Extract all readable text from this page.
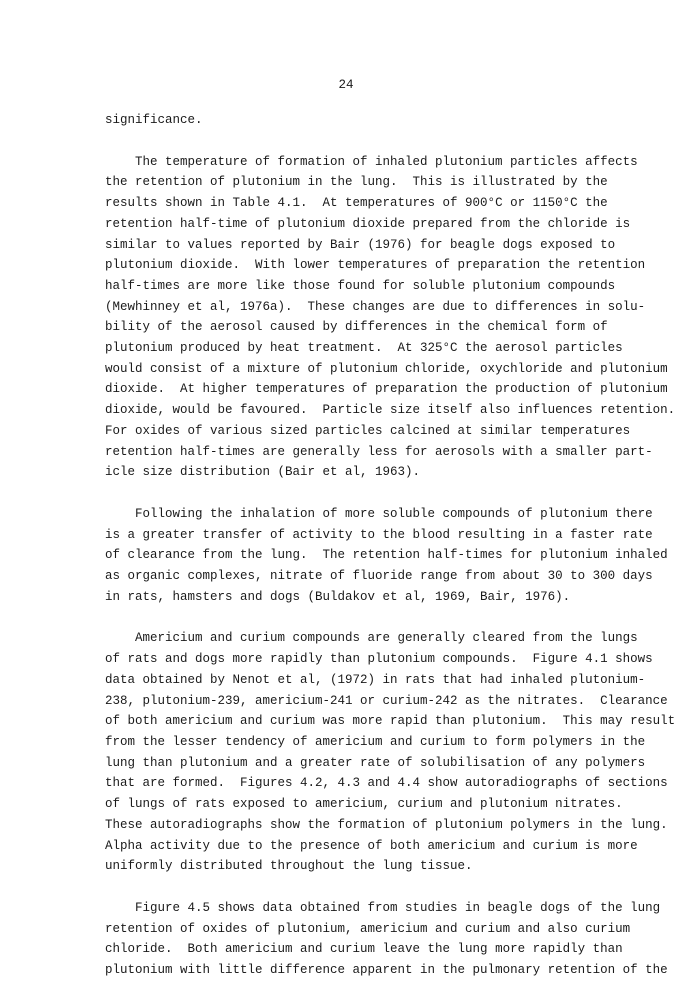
24

significance.

The temperature of formation of inhaled plutonium particles affects
the retention of plutonium in the lung.  This is illustrated by the
results shown in Table 4.1.  At temperatures of 900°C or 1150°C the
retention half-time of plutonium dioxide prepared from the chloride is
similar to values reported by Bair (1976) for beagle dogs exposed to
plutonium dioxide.  With lower temperatures of preparation the retention
half-times are more like those found for soluble plutonium compounds
(Mewhinney et al, 1976a).  These changes are due to differences in solu-
bility of the aerosol caused by differences in the chemical form of
plutonium produced by heat treatment.  At 325°C the aerosol particles
would consist of a mixture of plutonium chloride, oxychloride and plutonium
dioxide.  At higher temperatures of preparation the production of plutonium
dioxide, would be favoured.  Particle size itself also influences retention.
For oxides of various sized particles calcined at similar temperatures
retention half-times are generally less for aerosols with a smaller part-
icle size distribution (Bair et al, 1963).

Following the inhalation of more soluble compounds of plutonium there
is a greater transfer of activity to the blood resulting in a faster rate
of clearance from the lung.  The retention half-times for plutonium inhaled
as organic complexes, nitrate of fluoride range from about 30 to 300 days
in rats, hamsters and dogs (Buldakov et al, 1969, Bair, 1976).

Americium and curium compounds are generally cleared from the lungs
of rats and dogs more rapidly than plutonium compounds.  Figure 4.1 shows
data obtained by Nenot et al, (1972) in rats that had inhaled plutonium-
238, plutonium-239, americium-241 or curium-242 as the nitrates.  Clearance
of both americium and curium was more rapid than plutonium.  This may result
from the lesser tendency of americium and curium to form polymers in the
lung than plutonium and a greater rate of solubilisation of any polymers
that are formed.  Figures 4.2, 4.3 and 4.4 show autoradiographs of sections
of lungs of rats exposed to americium, curium and plutonium nitrates.
These autoradiographs show the formation of plutonium polymers in the lung.
Alpha activity due to the presence of both americium and curium is more
uniformly distributed throughout the lung tissue.

Figure 4.5 shows data obtained from studies in beagle dogs of the lung
retention of oxides of plutonium, americium and curium and also curium
chloride.  Both americium and curium leave the lung more rapidly than
plutonium with little difference apparent in the pulmonary retention of the
